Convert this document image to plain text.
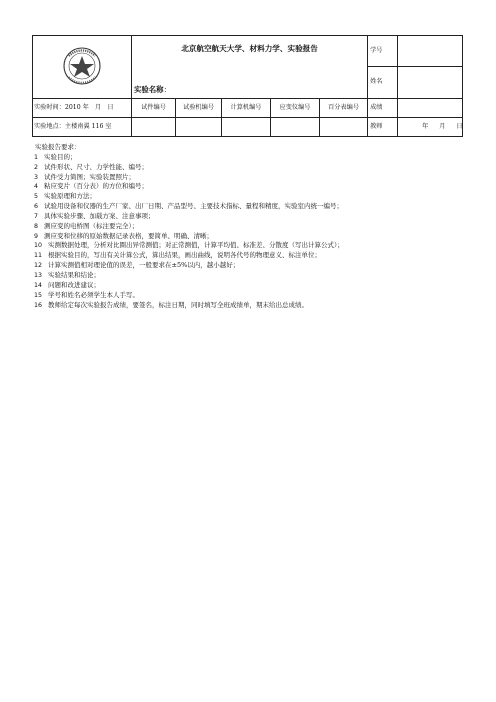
北京航空航天大学、材料力学、实验报告
实验名称：					学号	
						姓名	
实验时间：2010 年　月　日	试件编号	试验机编号	计算机编号	应变仪编号	百分表编号	成绩	
实验地点：主楼南翼 116 室						教师	年 月 日
实验报告要求：
1 实验目的；
2 试件形状、尺寸、力学性能、编号；
3 试件受力简图；实验装置照片；
4 粘应变片（百分表）的方位和编号；
5 实验原理和方法；
6 试验用设备和仪器的生产厂家、出厂日期、产品型号、主要技术指标、量程和精度，实验室内统一编号；
7 具体实验步骤、加载方案、注意事项；
8 测应变的电桥图（标注要完全）；
9 测应变和位移的原始数据记录表格，要简单、明确、清晰；
10 实测数据处理，分析对比圈出异常测值；对正常测值，计算平均值、标准差、分散度（写出计算公式）；
11 根据实验目的，写出有关计算公式，算出结果，画出曲线，说明各代号的物理意义、标注单位；
12 计算实测值相对理论值的误差，一般要求在±5%以内，越小越好；
13 实验结果和结论；
14 问题和改进建议；
15 学号和姓名必须学生本人手写。
16 教师给定每次实验报告成绩，要签名，标注日期，同时填写全班成绩单，期末给出总成绩。
